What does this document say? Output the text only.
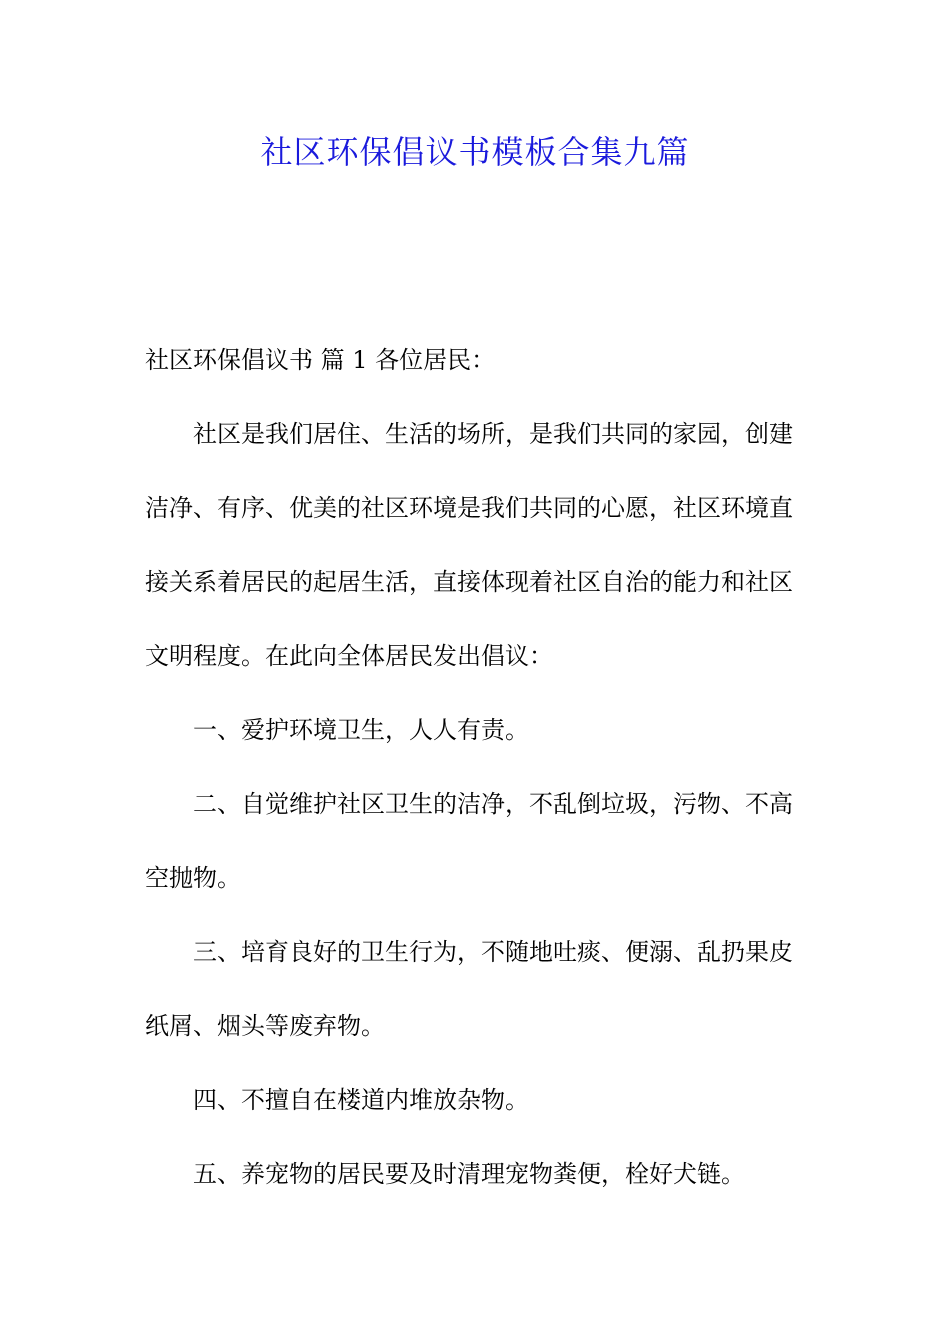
社区环保倡议书模板合集九篇

社区环保倡议书 篇 1 各位居民：

社区是我们居住、生活的场所，是我们共同的家园，创建

洁净、有序、优美的社区环境是我们共同的心愿，社区环境直

接关系着居民的起居生活，直接体现着社区自治的能力和社区

文明程度。在此向全体居民发出倡议：

一、爱护环境卫生，人人有责。

二、自觉维护社区卫生的洁净，不乱倒垃圾，污物、不高

空抛物。

三、培育良好的卫生行为，不随地吐痰、便溺、乱扔果皮

纸屑、烟头等废弃物。

四、不擅自在楼道内堆放杂物。

五、养宠物的居民要及时清理宠物粪便，栓好犬链。
